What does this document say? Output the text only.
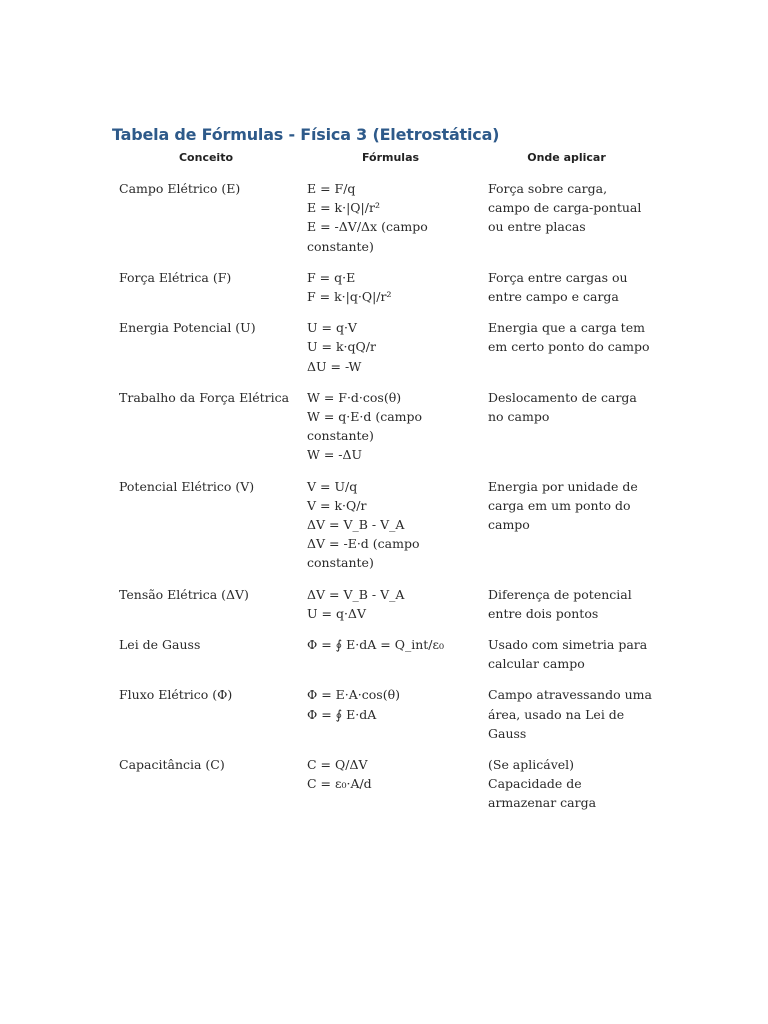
Tabela de Fórmulas - Física 3 (Eletrostática)
Conceito	Fórmulas	Onde aplicar
Campo Elétrico (E)	E = F/q
E = k·|Q|/r²
E = -ΔV/Δx (campo
constante)	Força sobre carga, campo de carga-pontual ou entre placas
Força Elétrica (F)	F = q·E
F = k·|q·Q|/r²	Força entre cargas ou entre campo e carga
Energia Potencial (U)	U = q·V
U = k·qQ/r
ΔU = -W	Energia que a carga tem em certo ponto do campo
Trabalho da Força Elétrica	W = F·d·cos(θ)
W = q·E·d (campo
constante)
W = -ΔU	Deslocamento de carga no campo
Potencial Elétrico (V)	V = U/q
V = k·Q/r
ΔV = V_B - V_A
ΔV = -E·d (campo
constante)	Energia por unidade de carga em um ponto do campo
Tensão Elétrica (ΔV)	ΔV = V_B - V_A
U = q·ΔV	Diferença de potencial entre dois pontos
Lei de Gauss	Φ = ∮ E·dA = Q_int/ε₀	Usado com simetria para calcular campo
Fluxo Elétrico (Φ)	Φ = E·A·cos(θ)
Φ = ∮ E·dA	Campo atravessando uma área, usado na Lei de Gauss
Capacitância (C)	C = Q/ΔV
C = ε₀·A/d	(Se aplicável) Capacidade de armazenar carga
